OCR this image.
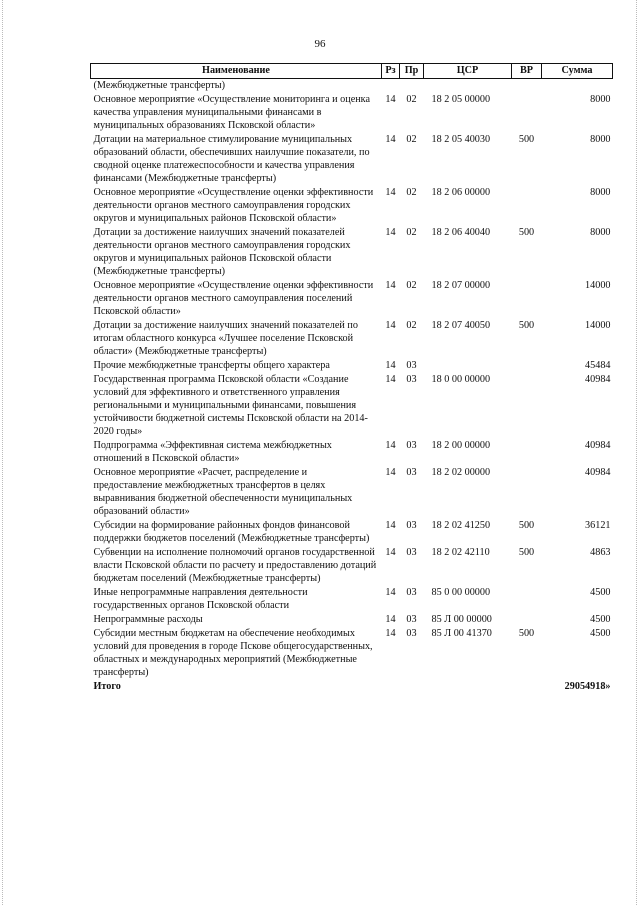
96
Наименование	Рз	Пр	ЦСР	ВР	Сумма
(Межбюджетные трансферты)					
Основное мероприятие «Осуществление мониторинга и оценка качества управления муниципальными финансами в муниципальных образованиях Псковской области»	14	02	18 2 05 00000		8000
Дотации на материальное стимулирование муниципальных образований области, обеспечивших наилучшие показатели, по сводной оценке платежеспособности и качества управления финансами (Межбюджетные трансферты)	14	02	18 2 05 40030	500	8000
Основное мероприятие «Осуществление оценки эффективности деятельности органов местного самоуправления городских округов и муниципальных районов Псковской области»	14	02	18 2 06 00000		8000
Дотации за достижение наилучших значений показателей деятельности органов местного самоуправления городских округов и муниципальных районов Псковской области (Межбюджетные трансферты)	14	02	18 2 06 40040	500	8000
Основное мероприятие «Осуществление оценки эффективности деятельности органов местного самоуправления поселений Псковской области»	14	02	18 2 07 00000		14000
Дотации за достижение наилучших значений показателей по итогам областного конкурса «Лучшее поселение Псковской области» (Межбюджетные трансферты)	14	02	18 2 07 40050	500	14000
Прочие межбюджетные трансферты общего характера	14	03			45484
Государственная программа Псковской области «Создание условий для эффективного и ответственного управления региональными и муниципальными финансами, повышения устойчивости бюджетной системы Псковской области на 2014-2020 годы»	14	03	18 0 00 00000		40984
Подпрограмма «Эффективная система межбюджетных отношений в Псковской области»	14	03	18 2 00 00000		40984
Основное мероприятие «Расчет, распределение и предоставление межбюджетных трансфертов в целях выравнивания бюджетной обеспеченности муниципальных образований области»	14	03	18 2 02 00000		40984
Субсидии на формирование районных фондов финансовой поддержки бюджетов поселений (Межбюджетные трансферты)	14	03	18 2 02 41250	500	36121
Субвенции на исполнение полномочий органов государственной власти Псковской области по расчету и предоставлению дотаций бюджетам поселений (Межбюджетные трансферты)	14	03	18 2 02 42110	500	4863
Иные непрограммные направления деятельности государственных органов Псковской области	14	03	85 0 00 00000		4500
Непрограммные расходы	14	03	85 Л 00 00000		4500
Субсидии местным бюджетам на обеспечение необходимых условий для проведения в городе Пскове общегосударственных, областных и международных мероприятий (Межбюджетные трансферты)	14	03	85 Л 00 41370	500	4500
Итого					29054918»
